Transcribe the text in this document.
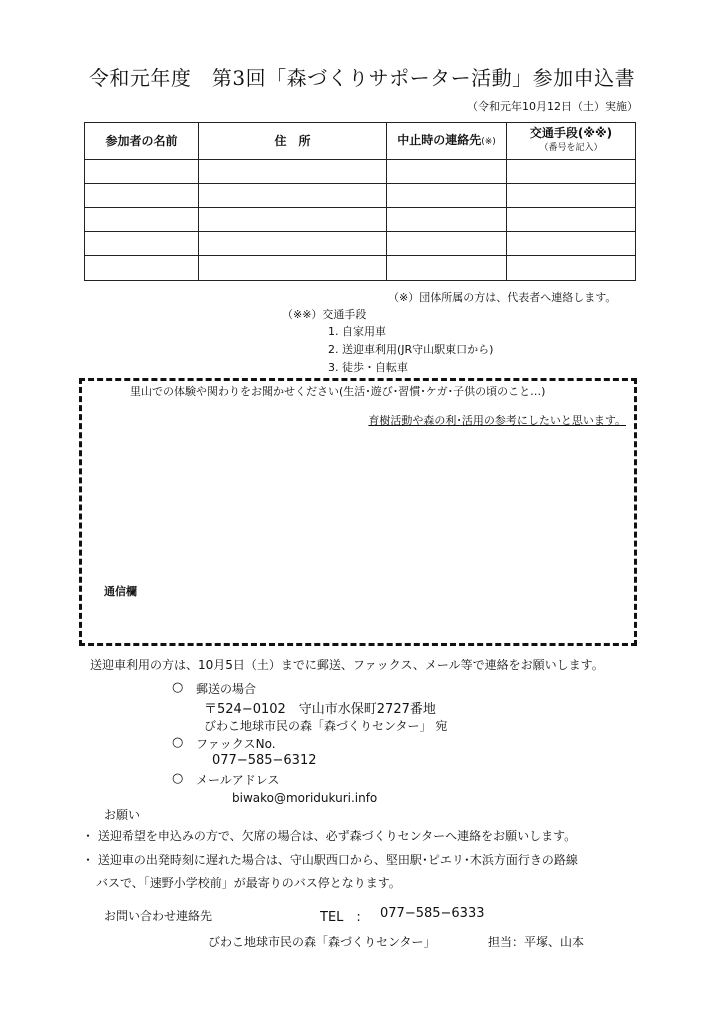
令和元年度　第3回「森づくりサポーター活動」参加申込書
（令和元年10月12日（土）実施）
参加者の名前	住　所	中止時の連絡先(※)	交通手段(※※)
（番号を記入）

（※）団体所属の方は、代表者へ連絡します。
（※※）交通手段
1. 自家用車
2. 送迎車利用(JR守山駅東口から)
3. 徒歩・自転車
里山での体験や関わりをお聞かせください(生活･遊び･習慣･ケガ･子供の頃のこと…)
育樹活動や森の利･活用の参考にしたいと思います。
通信欄
送迎車利用の方は、10月5日（土）までに郵送、ファックス、メール等で連絡をお願いします。
○ 郵送の場合
〒524−0102　守山市水保町2727番地
びわこ地球市民の森「森づくりセンター」 宛
○ ファックスNo.
077−585−6312
○ メールアドレス
biwako@moridukuri.info
お願い
・ 送迎希望を申込みの方で、欠席の場合は、必ず森づくりセンターへ連絡をお願いします。
・ 送迎車の出発時刻に遅れた場合は、守山駅西口から、堅田駅･ピエリ･木浜方面行きの路線
バスで、「速野小学校前」が最寄りのバス停となります。
お問い合わせ連絡先	TEL　: 077−585−6333
びわこ地球市民の森「森づくりセンター」	担当：平塚、山本
